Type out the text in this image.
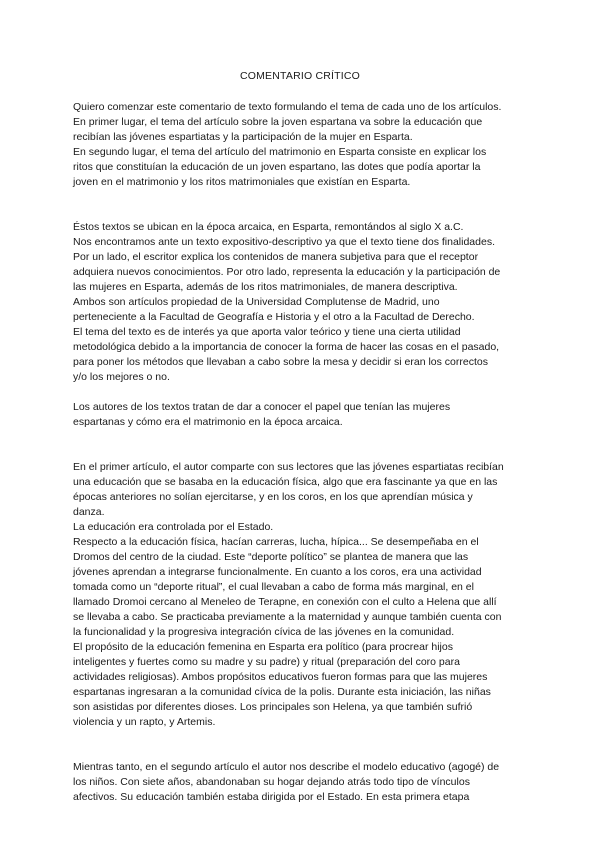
COMENTARIO CRÍTICO
Quiero comenzar este comentario de texto formulando el tema de cada uno de los artículos.
En primer lugar, el tema del artículo sobre la joven espartana va sobre la educación que
recibían las jóvenes espartiatas y la participación de la mujer en Esparta.
En segundo lugar, el tema del artículo del matrimonio en Esparta consiste en explicar los
ritos que constituían la educación de un joven espartano, las dotes que podía aportar la
joven en el matrimonio y los ritos matrimoniales que existían en Esparta.
Éstos textos se ubican en la época arcaica, en Esparta, remontándos al siglo X a.C.
Nos encontramos ante un texto expositivo-descriptivo ya que el texto tiene dos finalidades.
Por un lado, el escritor explica los contenidos de manera subjetiva para que el receptor
adquiera nuevos conocimientos. Por otro lado, representa la educación y la participación de
las mujeres en Esparta, además de los ritos matrimoniales, de manera descriptiva.
Ambos son artículos propiedad de la Universidad Complutense de Madrid, uno
perteneciente a la Facultad de Geografía e Historia y el otro a la Facultad de Derecho.
El tema del texto es de interés ya que aporta valor teórico y tiene una cierta utilidad
metodológica debido a la importancia de conocer la forma de hacer las cosas en el pasado,
para poner los métodos que llevaban a cabo sobre la mesa y decidir si eran los correctos
y/o los mejores o no.
Los autores de los textos tratan de dar a conocer el papel que tenían las mujeres
espartanas y cómo era el matrimonio en la época arcaica.
En el primer artículo, el autor comparte con sus lectores que las jóvenes espartiatas recibían
una educación que se basaba en la educación física, algo que era fascinante ya que en las
épocas anteriores no solían ejercitarse, y en los coros, en los que aprendían música y
danza.
La educación era controlada por el Estado.
Respecto a la educación física, hacían carreras, lucha, hípica... Se desempeñaba en el
Dromos del centro de la ciudad. Este “deporte político” se plantea de manera que las
jóvenes aprendan a integrarse funcionalmente. En cuanto a los coros, era una actividad
tomada como un “deporte ritual”, el cual llevaban a cabo de forma más marginal, en el
llamado Dromoi cercano al Meneleo de Terapne, en conexión con el culto a Helena que allí
se llevaba a cabo. Se practicaba previamente a la maternidad y aunque también cuenta con
la funcionalidad y la progresiva integración cívica de las jóvenes en la comunidad.
El propósito de la educación femenina en Esparta era político (para procrear hijos
inteligentes y fuertes como su madre y su padre) y ritual (preparación del coro para
actividades religiosas). Ambos propósitos educativos fueron formas para que las mujeres
espartanas ingresaran a la comunidad cívica de la polis. Durante esta iniciación, las niñas
son asistidas por diferentes dioses. Los principales son Helena, ya que también sufrió
violencia y un rapto, y Artemis.
Mientras tanto, en el segundo artículo el autor nos describe el modelo educativo (agogé) de
los niños. Con siete años, abandonaban su hogar dejando atrás todo tipo de vínculos
afectivos. Su educación también estaba dirigida por el Estado. En esta primera etapa
